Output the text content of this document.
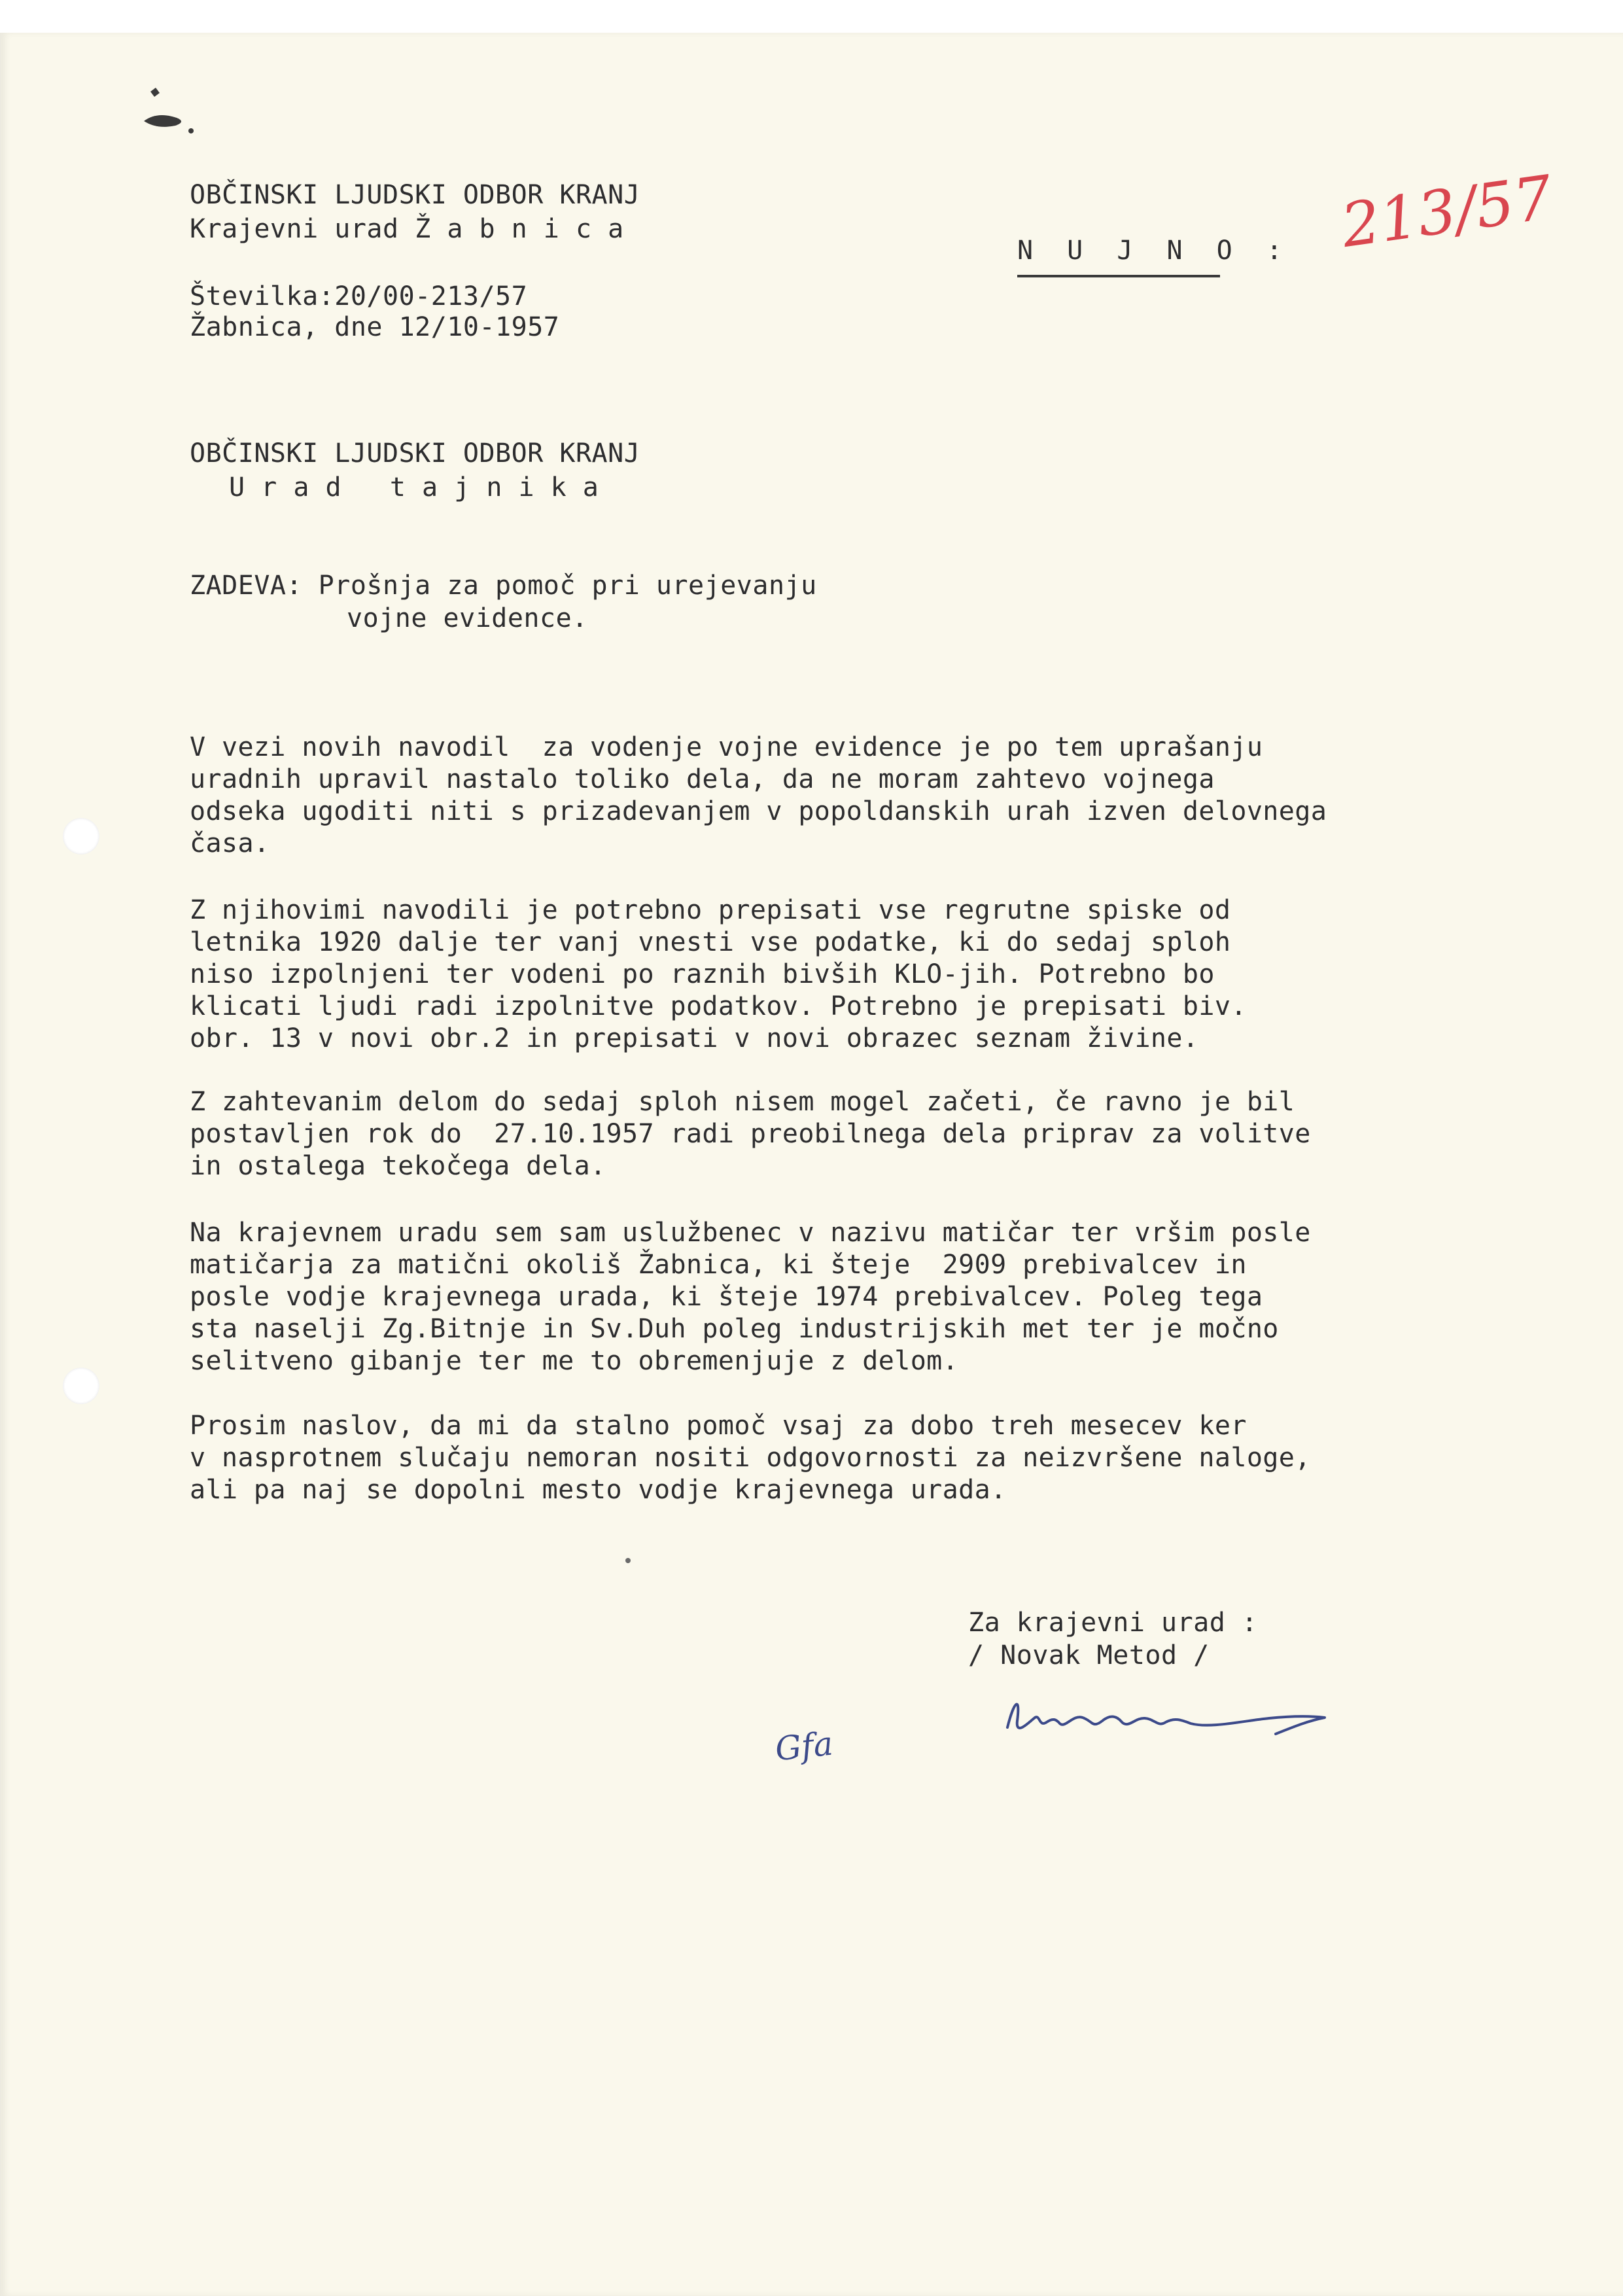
OBČINSKI LJUDSKI ODBOR KRANJ
Krajevni urad Ž a b n i c a
N U J N O : 213/57
Številka:20/00-213/57
Žabnica, dne 12/10-1957
OBČINSKI LJUDSKI ODBOR KRANJ
U r a d   t a j n i k a
ZADEVA: Prošnja za pomoč pri urejevanju
vojne evidence.
V vezi novih navodil  za vodenje vojne evidence je po tem uprašanju
uradnih upravil nastalo toliko dela, da ne moram zahtevo vojnega
odseka ugoditi niti s prizadevanjem v popoldanskih urah izven delovnega
časa.
Z njihovimi navodili je potrebno prepisati vse regrutne spiske od
letnika 1920 dalje ter vanj vnesti vse podatke, ki do sedaj sploh
niso izpolnjeni ter vodeni po raznih bivših KLO-jih. Potrebno bo
klicati ljudi radi izpolnitve podatkov. Potrebno je prepisati biv.
obr. 13 v novi obr.2 in prepisati v novi obrazec seznam živine.
Z zahtevanim delom do sedaj sploh nisem mogel začeti, če ravno je bil
postavljen rok do  27.10.1957 radi preobilnega dela priprav za volitve
in ostalega tekočega dela.
Na krajevnem uradu sem sam uslužbenec v nazivu matičar ter vršim posle
matičarja za matični okoliš Žabnica, ki šteje  2909 prebivalcev in
posle vodje krajevnega urada, ki šteje 1974 prebivalcev. Poleg tega
sta naselji Zg.Bitnje in Sv.Duh poleg industrijskih met ter je močno
selitveno gibanje ter me to obremenjuje z delom.
Prosim naslov, da mi da stalno pomoč vsaj za dobo treh mesecev ker
v nasprotnem slučaju nemoran nositi odgovornosti za neizvršene naloge,
ali pa naj se dopolni mesto vodje krajevnega urada.
Za krajevni urad :
/ Novak Metod /
Gfa
